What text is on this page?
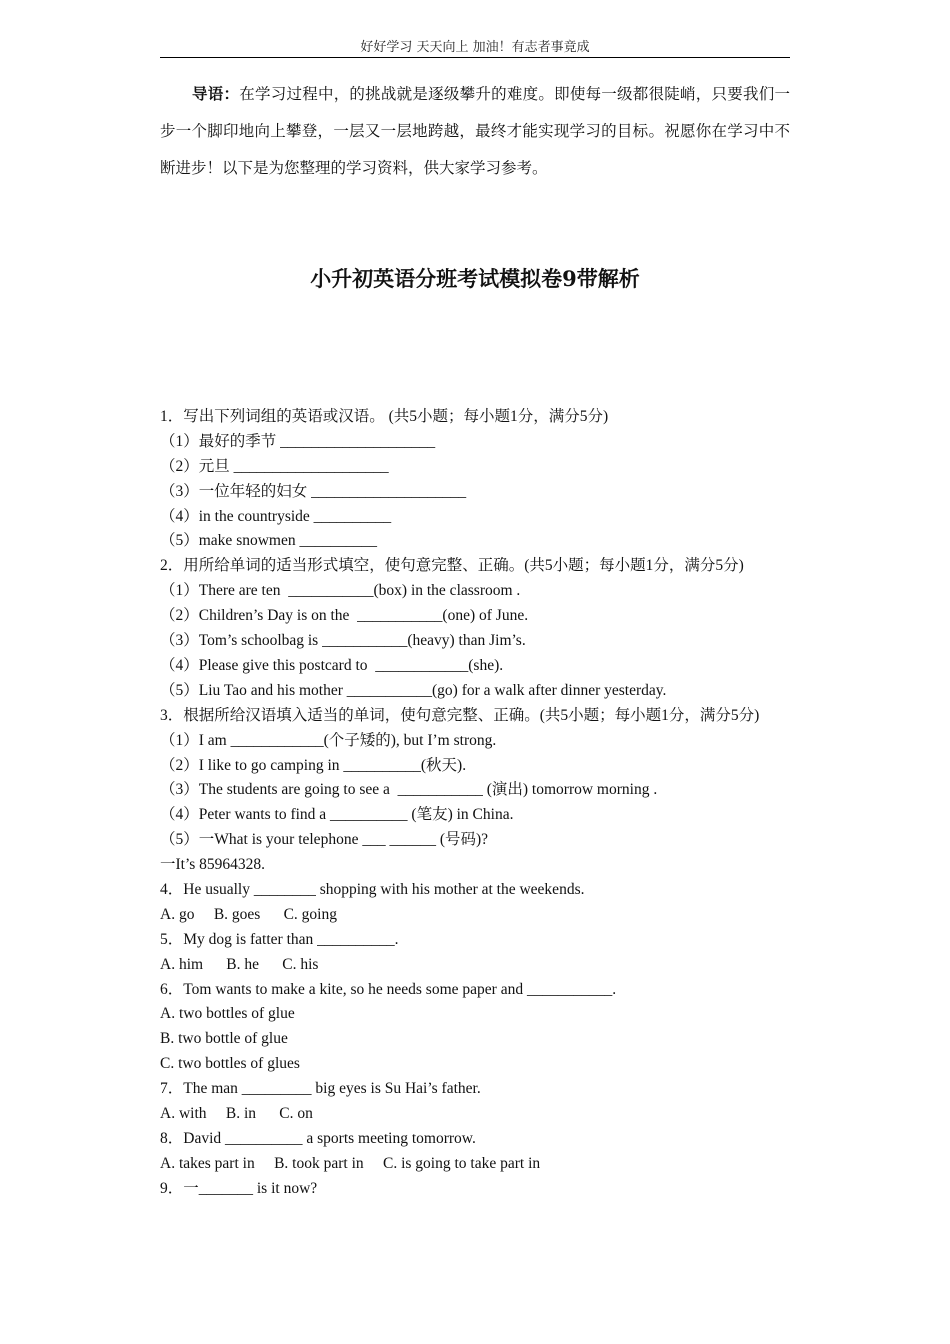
好好学习 天天向上 加油！有志者事竟成

导语：在学习过程中，的挑战就是逐级攀升的难度。即使每一级都很陡峭，只要我们一步一个脚印地向上攀登，一层又一层地跨越，最终才能实现学习的目标。祝愿你在学习中不断进步！以下是为您整理的学习资料，供大家学习参考。

小升初英语分班考试模拟卷9带解析
1．写出下列词组的英语或汉语。 (共5小题；每小题1分，满分5分)
（1）最好的季节 ____________________
（2）元旦 ____________________
（3）一位年轻的妇女 ____________________
（4）in the countryside __________
（5）make snowmen __________
2．用所给单词的适当形式填空，使句意完整、正确。(共5小题；每小题1分，满分5分)
（1）There are ten  ___________(box) in the classroom .
（2）Children’s Day is on the  ___________(one) of June.
（3）Tom’s schoolbag is ___________(heavy) than Jim’s.
（4）Please give this postcard to  ____________(she).
（5）Liu Tao and his mother ___________(go) for a walk after dinner yesterday.
3．根据所给汉语填入适当的单词，使句意完整、正确。(共5小题；每小题1分，满分5分)
（1）I am ____________(个子矮的), but I’m strong.
（2）I like to go camping in __________(秋天).
（3）The students are going to see a  ___________ (演出) tomorrow morning .
（4）Peter wants to find a __________ (笔友) in China.
（5）一What is your telephone ___ ______ (号码)?
一It’s 85964328.
4．He usually ________ shopping with his mother at the weekends.
A. go     B. goes      C. going
5．My dog is fatter than __________.
A. him      B. he      C. his
6．Tom wants to make a kite, so he needs some paper and ___________.
A. two bottles of glue
B. two bottle of glue
C. two bottles of glues
7．The man _________ big eyes is Su Hai’s father.
A. with     B. in      C. on
8．David __________ a sports meeting tomorrow.
A. takes part in     B. took part in     C. is going to take part in
9．一_______ is it now?
